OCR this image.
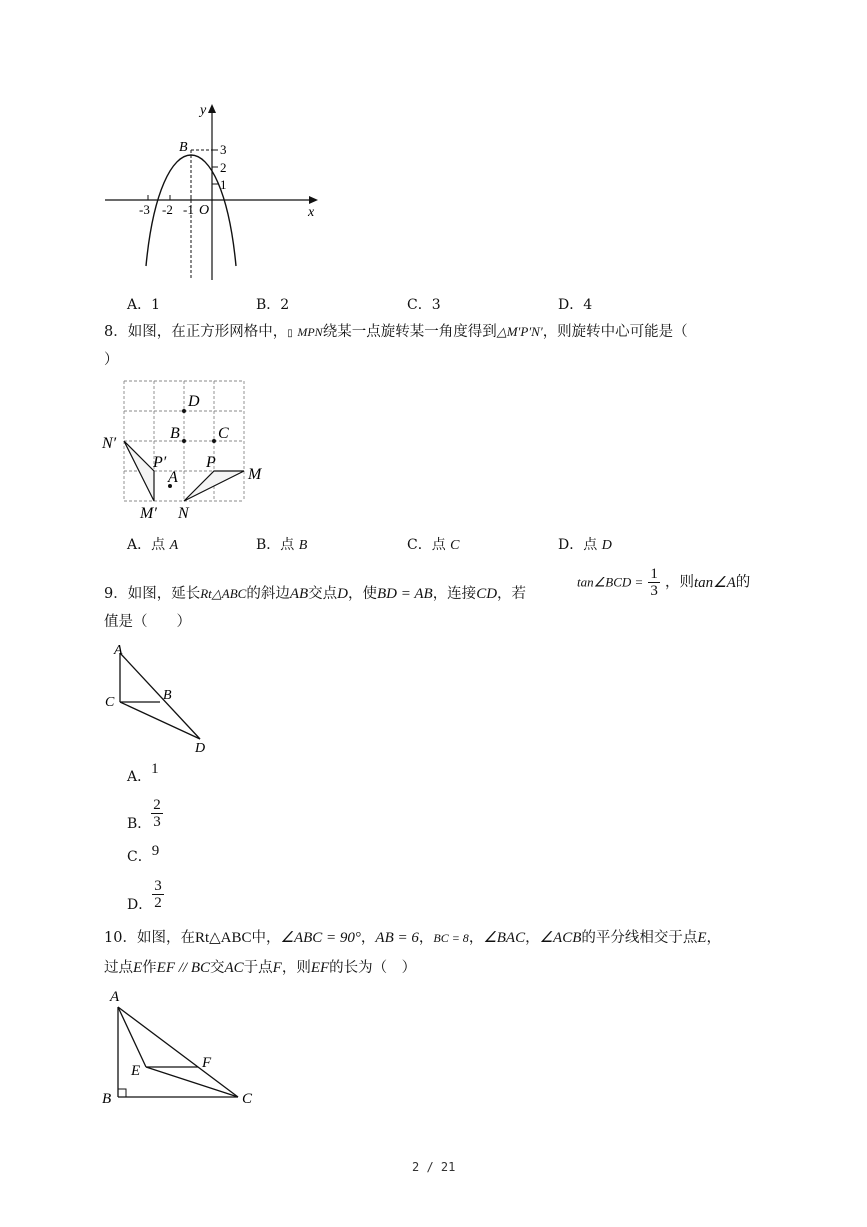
y
x
O
B
-3 -2 -1
3
2
1
A．1	B．2	C．3	D．4
8．如图，在正方形网格中，▯ MPN绕某一点旋转某一角度得到△M′P′N′，则旋转中心可能是（
）
D
B C
N′
P′
A
P
M
M′ N
A．点 A	B．点 B	C．点 C	D．点 D
9．如图，延长Rt△ABC的斜边AB交点D，使BD = AB，连接CD，若
tan∠BCD = $\frac{1}{3}$ ，则tan∠A的
值是（　　）
A
B
C
D
A．1
B． $\frac{2}{3}$
C．9
D． $\frac{3}{2}$
10．如图，在Rt△ABC中，∠ABC = 90°，AB = 6，BC = 8，∠BAC，∠ACB的平分线相交于点E，
过点E作EF // BC交AC于点F，则EF的长为（　）
A
B	C
E	F
2 / 21
